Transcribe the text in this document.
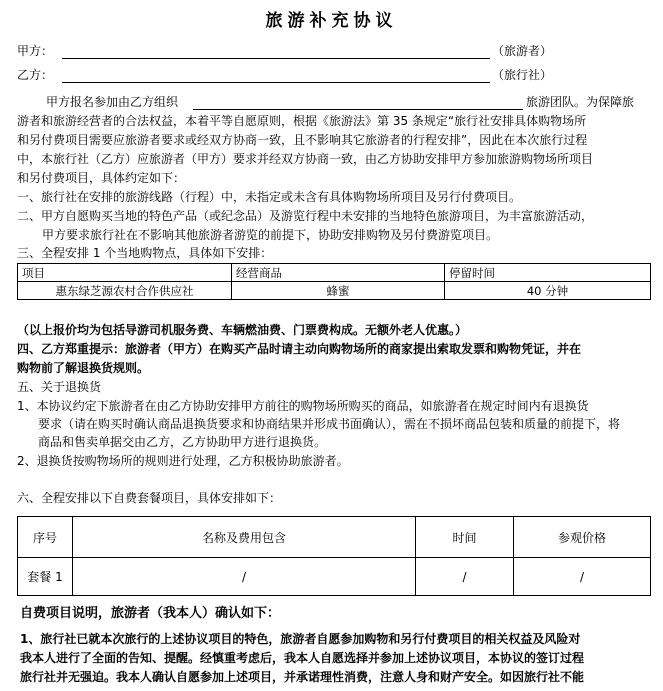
旅游补充协议
甲方：	（旅游者）
乙方：	（旅行社）
甲方报名参加由乙方组织	旅游团队。为保障旅
游者和旅游经营者的合法权益，本着平等自愿原则，根据《旅游法》第 35 条规定“旅行社安排具体购物场所
和另付费项目需要应旅游者要求或经双方协商一致，且不影响其它旅游者的行程安排”，因此在本次旅行过程
中，本旅行社（乙方）应旅游者（甲方）要求并经双方协商一致，由乙方协助安排甲方参加旅游购物场所项目
和另付费项目，具体约定如下：
一、旅行社在安排的旅游线路（行程）中，未指定或未含有具体购物场所项目及另行付费项目。
二、甲方自愿购买当地的特色产品（或纪念品）及游览行程中未安排的当地特色旅游项目，为丰富旅游活动，
甲方要求旅行社在不影响其他旅游者游览的前提下，协助安排购物及另付费游览项目。
三、全程安排 1 个当地购物点，具体如下安排：
项目	经营商品	停留时间
惠东绿芝源农村合作供应社	蜂蜜	40 分钟
（以上报价均为包括导游司机服务费、车辆燃油费、门票费构成。无额外老人优惠。）
四、乙方郑重提示：旅游者（甲方）在购买产品时请主动向购物场所的商家提出索取发票和购物凭证，并在
购物前了解退换货规则。
五、关于退换货
1、本协议约定下旅游者在由乙方协助安排甲方前往的购物场所购买的商品，如旅游者在规定时间内有退换货
要求（请在购买时确认商品退换货要求和协商结果并形成书面确认），需在不损坏商品包装和质量的前提下，将
商品和售卖单据交由乙方，乙方协助甲方进行退换货。
2、退换货按购物场所的规则进行处理，乙方积极协助旅游者。
六、全程安排以下自费套餐项目，具体安排如下：
序号	名称及费用包含	时间	参观价格
套餐 1	/	/	/
自费项目说明，旅游者（我本人）确认如下：
1、旅行社已就本次旅行的上述协议项目的特色，旅游者自愿参加购物和另行付费项目的相关权益及风险对
我本人进行了全面的告知、提醒。经慎重考虑后，我本人自愿选择并参加上述协议项目，本协议的签订过程
旅行社并无强迫。我本人确认自愿参加上述项目，并承诺理性消费，注意人身和财产安全。如因旅行社不能
